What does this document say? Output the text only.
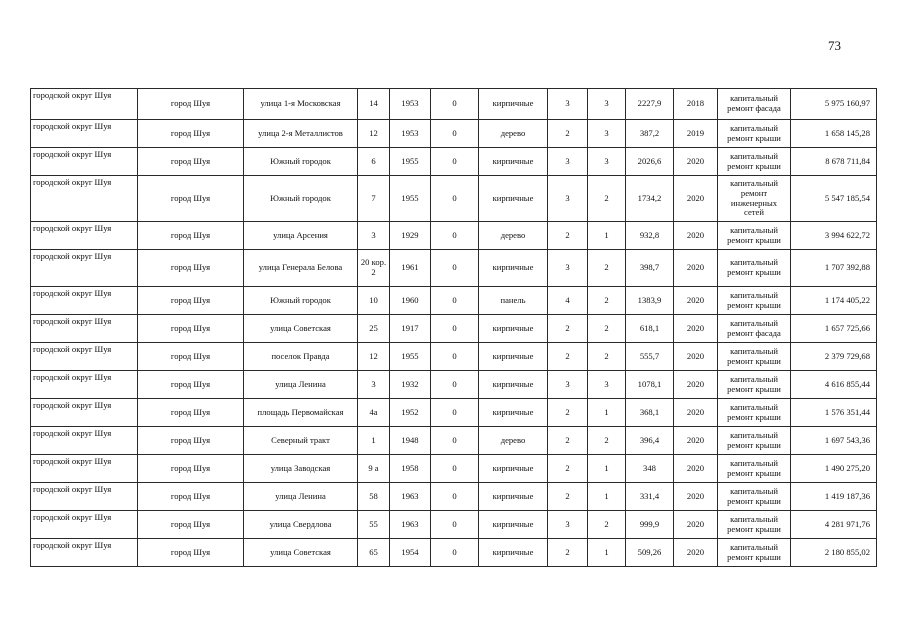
73
городской округ Шуя	город Шуя	улица 1-я Московская	14	1953	0	кирпичные	3	3	2227,9	2018	капитальный ремонт фасада	5 975 160,97
городской округ Шуя	город Шуя	улица 2-я Металлистов	12	1953	0	дерево	2	3	387,2	2019	капитальный ремонт крыши	1 658 145,28
городской округ Шуя	город Шуя	Южный городок	6	1955	0	кирпичные	3	3	2026,6	2020	капитальный ремонт крыши	8 678 711,84
городской округ Шуя	город Шуя	Южный городок	7	1955	0	кирпичные	3	2	1734,2	2020	капитальный ремонт инженерных сетей	5 547 185,54
городской округ Шуя	город Шуя	улица Арсения	3	1929	0	дерево	2	1	932,8	2020	капитальный ремонт крыши	3 994 622,72
городской округ Шуя	город Шуя	улица Генерала Белова	20 кор. 2	1961	0	кирпичные	3	2	398,7	2020	капитальный ремонт крыши	1 707 392,88
городской округ Шуя	город Шуя	Южный городок	10	1960	0	панель	4	2	1383,9	2020	капитальный ремонт крыши	1 174 405,22
городской округ Шуя	город Шуя	улица Советская	25	1917	0	кирпичные	2	2	618,1	2020	капитальный ремонт фасада	1 657 725,66
городской округ Шуя	город Шуя	поселок Правда	12	1955	0	кирпичные	2	2	555,7	2020	капитальный ремонт крыши	2 379 729,68
городской округ Шуя	город Шуя	улица Ленина	3	1932	0	кирпичные	3	3	1078,1	2020	капитальный ремонт крыши	4 616 855,44
городской округ Шуя	город Шуя	площадь Первомайская	4а	1952	0	кирпичные	2	1	368,1	2020	капитальный ремонт крыши	1 576 351,44
городской округ Шуя	город Шуя	Северный тракт	1	1948	0	дерево	2	2	396,4	2020	капитальный ремонт крыши	1 697 543,36
городской округ Шуя	город Шуя	улица Заводская	9 а	1958	0	кирпичные	2	1	348	2020	капитальный ремонт крыши	1 490 275,20
городской округ Шуя	город Шуя	улица Ленина	58	1963	0	кирпичные	2	1	331,4	2020	капитальный ремонт крыши	1 419 187,36
городской округ Шуя	город Шуя	улица Свердлова	55	1963	0	кирпичные	3	2	999,9	2020	капитальный ремонт крыши	4 281 971,76
городской округ Шуя	город Шуя	улица Советская	65	1954	0	кирпичные	2	1	509,26	2020	капитальный ремонт крыши	2 180 855,02
